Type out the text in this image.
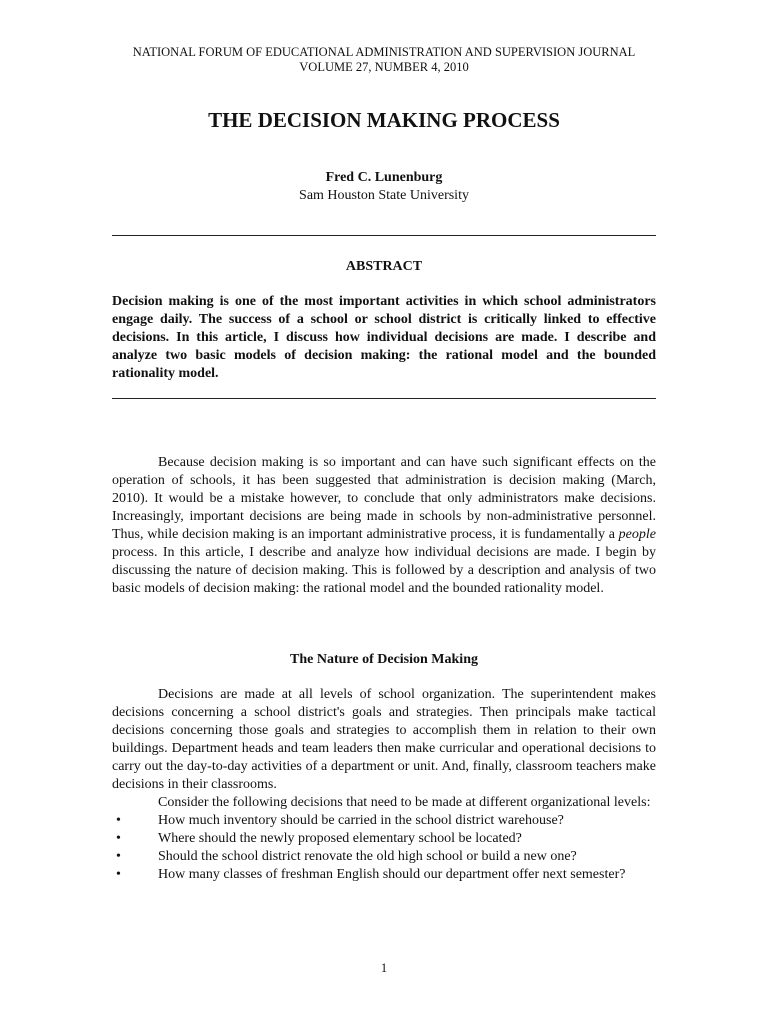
NATIONAL FORUM OF EDUCATIONAL ADMINISTRATION AND SUPERVISION JOURNAL
VOLUME 27, NUMBER 4, 2010
THE DECISION MAKING PROCESS
Fred C. Lunenburg
Sam Houston State University
ABSTRACT

Decision making is one of the most important activities in which school administrators engage daily. The success of a school or school district is critically linked to effective decisions. In this article, I discuss how individual decisions are made. I describe and analyze two basic models of decision making: the rational model and the bounded rationality model.

Because decision making is so important and can have such significant effects on the operation of schools, it has been suggested that administration is decision making (March, 2010). It would be a mistake however, to conclude that only administrators make decisions. Increasingly, important decisions are being made in schools by non-administrative personnel. Thus, while decision making is an important administrative process, it is fundamentally a people process. In this article, I describe and analyze how individual decisions are made. I begin by discussing the nature of decision making. This is followed by a description and analysis of two basic models of decision making: the rational model and the bounded rationality model.

The Nature of Decision Making

Decisions are made at all levels of school organization. The superintendent makes decisions concerning a school district's goals and strategies. Then principals make tactical decisions concerning those goals and strategies to accomplish them in relation to their own buildings. Department heads and team leaders then make curricular and operational decisions to carry out the day-to-day activities of a department or unit. And, finally, classroom teachers make decisions in their classrooms.

Consider the following decisions that need to be made at different organizational levels:

•	How much inventory should be carried in the school district warehouse?
•	Where should the newly proposed elementary school be located?
•	Should the school district renovate the old high school or build a new one?
•	How many classes of freshman English should our department offer next semester?
1
